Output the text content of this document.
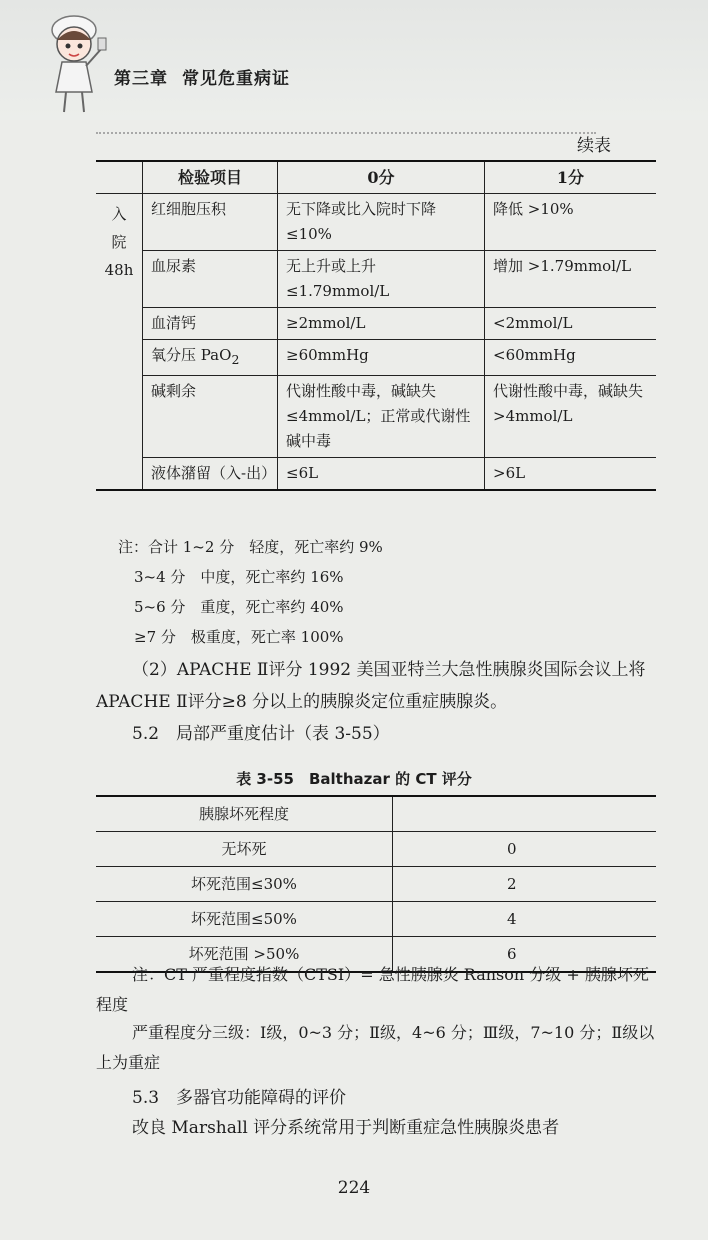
第三章 常见危重病证
续表
	检验项目	0分	1分

入
院
48h	红细胞压积	无下降或比入院时下降≤10%	降低 >10%
	血尿素	无上升或上升≤1.79mmol/L	增加 >1.79mmol/L
	血清钙	≥2mmol/L	<2mmol/L
	氧分压 PaO$_2$	≥60mmHg	<60mmHg
	碱剩余	代谢性酸中毒，碱缺失≤4mmol/L；正常或代谢性碱中毒	代谢性酸中毒，碱缺失 >4mmol/L
	液体潴留（入-出）	≤6L	>6L
注：合计 1~2 分　轻度，死亡率约 9%
3~4 分　中度，死亡率约 16%
5~6 分　重度，死亡率约 40%
≥7 分　极重度，死亡率 100%
（2）APACHE Ⅱ评分 1992 美国亚特兰大急性胰腺炎国际会议上将 APACHE Ⅱ评分≥8 分以上的胰腺炎定位重症胰腺炎。
5.2　局部严重度估计（表 3-55）
表 3-55　Balthazar 的 CT 评分
胰腺坏死程度	
无坏死	0
坏死范围≤30%	2
坏死范围≤50%	4
坏死范围 >50%	6
注：CT 严重程度指数（CTSI）= 急性胰腺炎 Ranson 分级 + 胰腺坏死程度
严重程度分三级：Ⅰ级，0~3 分；Ⅱ级，4~6 分；Ⅲ级，7~10 分；Ⅱ级以上为重症
5.3　多器官功能障碍的评价
改良 Marshall 评分系统常用于判断重症急性胰腺炎患者
224
